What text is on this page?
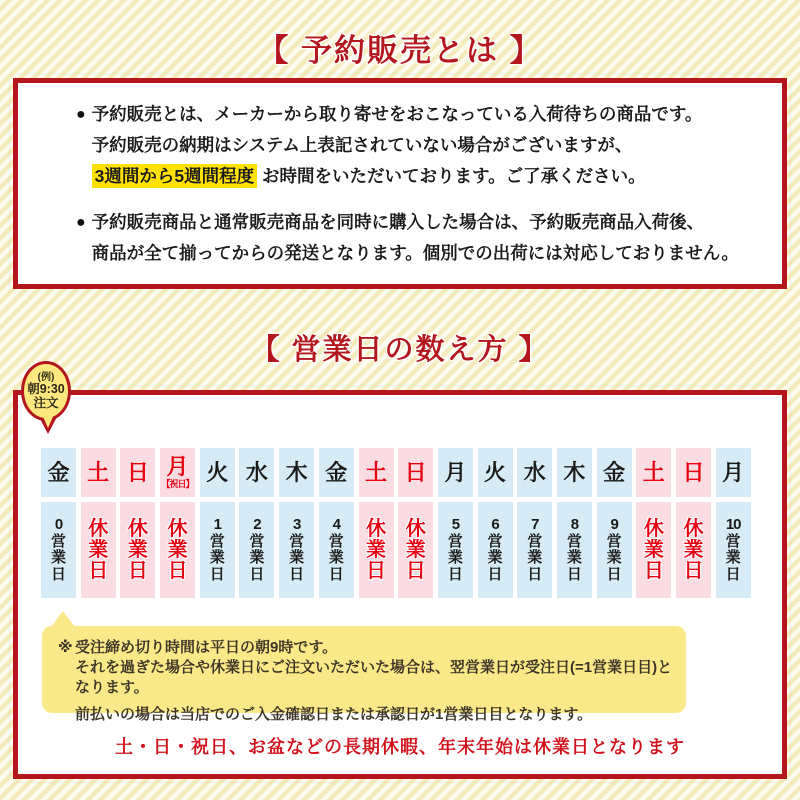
【 予約販売とは 】
● 予約販売とは、メーカーから取り寄せをおこなっている入荷待ちの商品です。
予約販売の納期はシステム上表記されていない場合がございますが、
3週間から5週間程度 お時間をいただいております。ご了承ください。
● 予約販売商品と通常販売商品を同時に購入した場合は、予約販売商品入荷後、
商品が全て揃ってからの発送となります。個別での出荷には対応しておりません。
【 営業日の数え方 】
金
0
営
業
日
土
休
業
日
日
休
業
日
月
【祝日】
休
業
日
火
1
営
業
日
水
2
営
業
日
木
3
営
業
日
金
4
営
業
日
土
休
業
日
日
休
業
日
月
5
営
業
日
火
6
営
業
日
水
7
営
業
日
木
8
営
業
日
金
9
営
業
日
土
休
業
日
日
休
業
日
月
10
営
業
日
※ 受注締め切り時間は平日の朝9時です。
それを過ぎた場合や休業日にご注文いただいた場合は、翌営業日が受注日(=1営業日目)となります。
前払いの場合は当店でのご入金確認日または承認日が1営業日目となります。
土・日・祝日、お盆などの長期休暇、年末年始は休業日となります
(例)
朝9:30
注文
